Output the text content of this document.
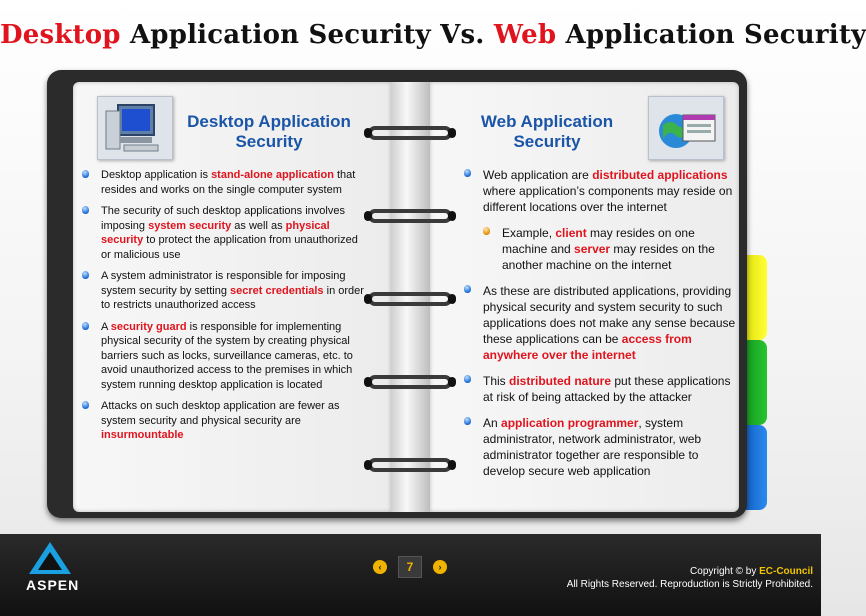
Desktop Application Security Vs. Web Application Security
Desktop Application
Security
Web Application
Security
Desktop application is stand-alone application that resides and works on the single computer system
The security of such desktop applications involves imposing system security as well as physical security to protect the application from unauthorized or malicious use
A system administrator is responsible for imposing system security by setting secret credentials in order to restricts unauthorized access
A security guard is responsible for implementing physical security of the system by creating physical barriers such as locks, surveillance cameras, etc. to avoid unauthorized access to the premises in which system running desktop application is located
Attacks on such desktop application are fewer as system security and physical security are insurmountable
Web application are distributed applications where application’s components may reside on different locations over the internet
Example, client may resides on one machine and server may resides on the another machine on the internet
As these are distributed applications, providing physical security and system security to such applications does not make any sense because these applications can be access from anywhere over the internet
This distributed nature put these applications at risk of being attacked by the attacker
An application programmer, system administrator, network administrator, web administrator together are responsible to develop secure web application
ASPEN
‹	7	›	Copyright © by EC-Council
All Rights Reserved. Reproduction is Strictly Prohibited.
